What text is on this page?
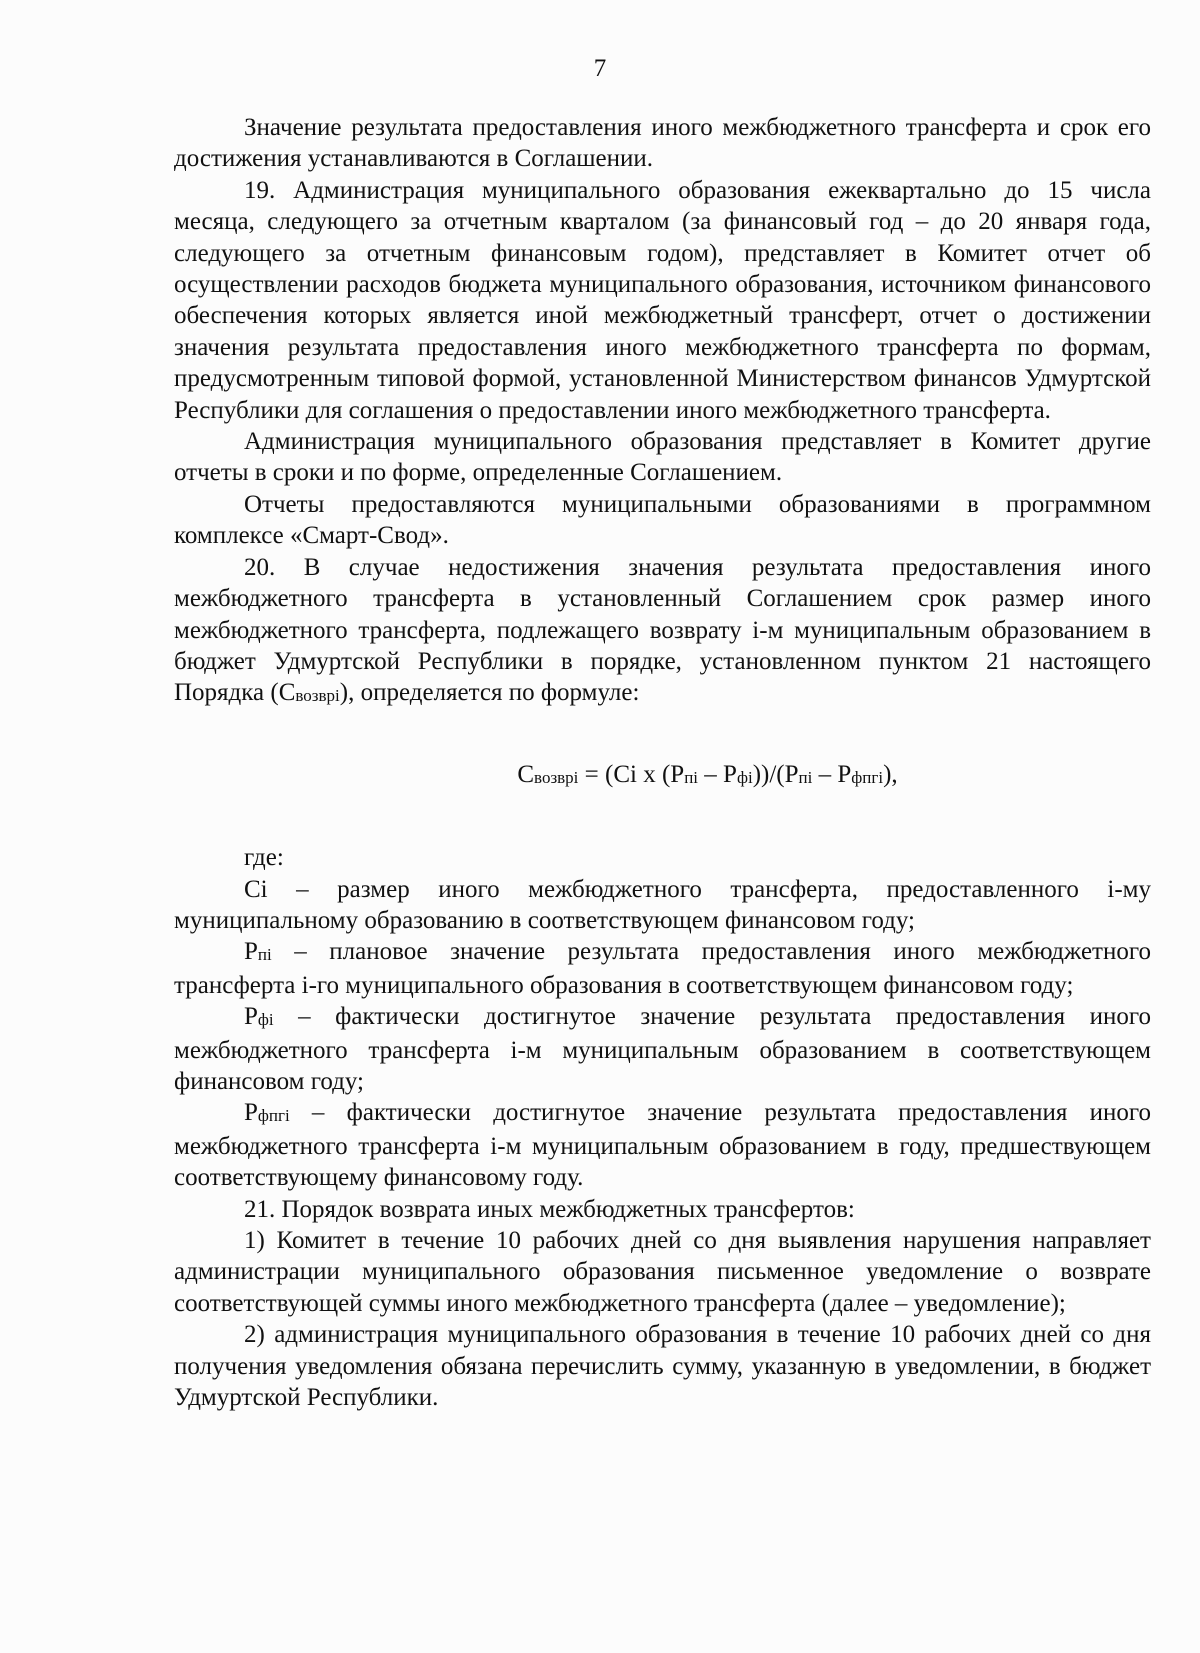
7

Значение результата предоставления иного межбюджетного трансферта и срок его достижения устанавливаются в Соглашении.

19. Администрация муниципального образования ежеквартально до 15 числа месяца, следующего за отчетным кварталом (за финансовый год – до 20 января года, следующего за отчетным финансовым годом), представляет в Комитет отчет об осуществлении расходов бюджета муниципального образования, источником финансового обеспечения которых является иной межбюджетный трансферт, отчет о достижении значения результата предоставления иного межбюджетного трансферта по формам, предусмотренным типовой формой, установленной Министерством финансов Удмуртской Республики для соглашения о предоставлении иного межбюджетного трансферта.

Администрация муниципального образования представляет в Комитет другие отчеты в сроки и по форме, определенные Соглашением.

Отчеты предоставляются муниципальными образованиями в программном комплексе «Смарт-Свод».

20. В случае недостижения значения результата предоставления иного межбюджетного трансферта в установленный Соглашением срок размер иного межбюджетного трансферта, подлежащего возврату i-м муниципальным образованием в бюджет Удмуртской Республики в порядке, установленном пунктом 21 настоящего Порядка $(C_{возврi})$, определяется по формуле:

$C_{возврi} = (Ci$ x $(P_{пi} - P_{фi}))/(P_{пi} - P_{фпгi})$,

где:

Ci – размер иного межбюджетного трансферта, предоставленного i-му муниципальному образованию в соответствующем финансовом году;

$P_{пi}$ – плановое значение результата предоставления иного межбюджетного трансферта i-го муниципального образования в соответствующем финансовом году;

$P_{фi}$ – фактически достигнутое значение результата предоставления иного межбюджетного трансферта i-м муниципальным образованием в соответствующем финансовом году;

$P_{фпгi}$ – фактически достигнутое значение результата предоставления иного межбюджетного трансферта i-м муниципальным образованием в году, предшествующем соответствующему финансовому году.

21. Порядок возврата иных межбюджетных трансфертов:

1) Комитет в течение 10 рабочих дней со дня выявления нарушения направляет администрации муниципального образования письменное уведомление о возврате соответствующей суммы иного межбюджетного трансферта (далее – уведомление);

2) администрация муниципального образования в течение 10 рабочих дней со дня получения уведомления обязана перечислить сумму, указанную в уведомлении, в бюджет Удмуртской Республики.
